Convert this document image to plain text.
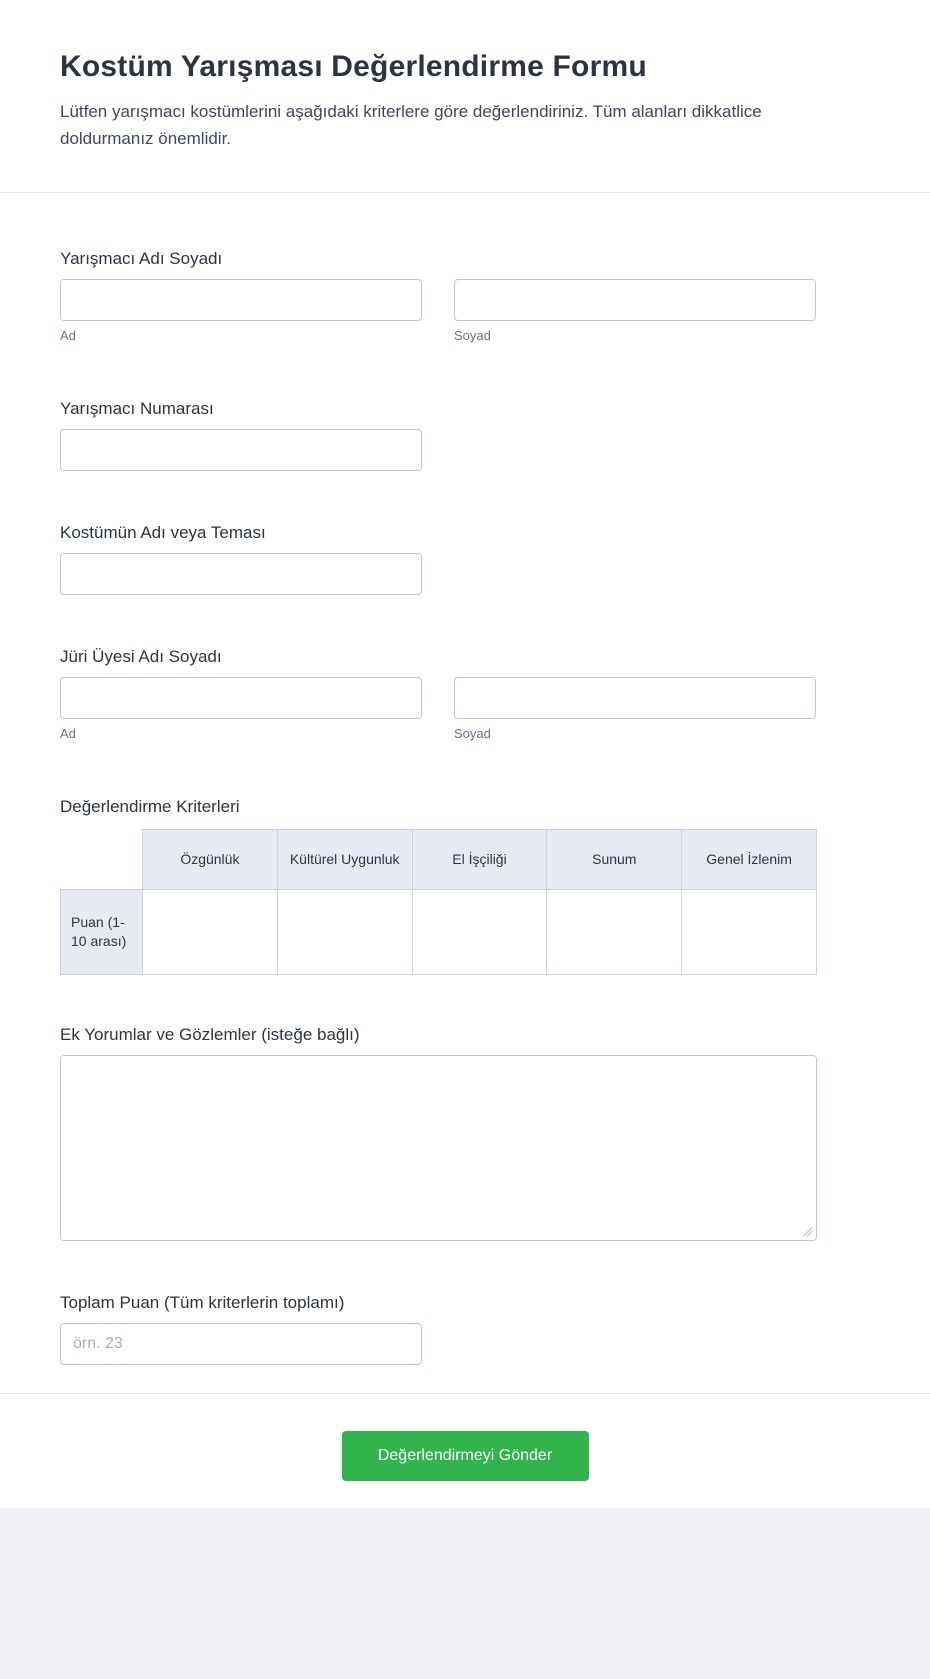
Kostüm Yarışması Değerlendirme Formu

Lütfen yarışmacı kostümlerini aşağıdaki kriterlere göre değerlendiriniz. Tüm alanları dikkatlice doldurmanız önemlidir.

Yarışmacı Adı Soyadı
Ad	Soyad
Yarışmacı Numarası
Kostümün Adı veya Teması
Jüri Üyesi Adı Soyadı
Ad	Soyad
Değerlendirme Kriterleri
	Özgünlük	Kültürel Uygunluk	El İşçiliği	Sunum	Genel İzlenim
Puan (1-10 arası)					
Ek Yorumlar ve Gözlemler (isteğe bağlı)
Toplam Puan (Tüm kriterlerin toplamı)
örn. 23
Değerlendirmeyi Gönder
